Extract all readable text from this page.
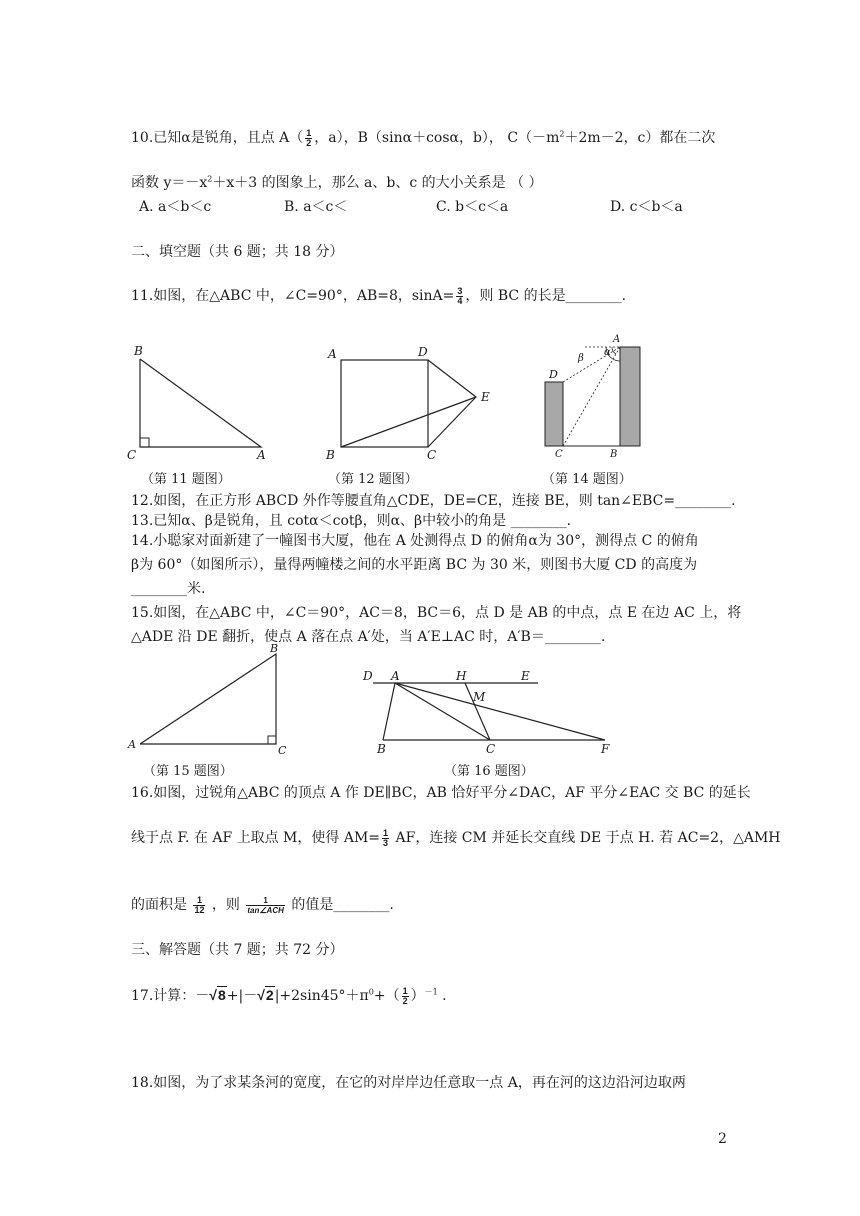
10.已知α是锐角，且点 $A( \frac{1}{2}$ ，a），B（sinα＋cosα，b）， $C(-m^2+2m-2$，c）都在二次
函数 $y=-x^2+x+3$ 的图象上，那么 a、b、c 的大小关系是 （ ）
A. a＜b＜c	B. a＜c＜	C. b＜c＜a	D. c＜b＜a
二、填空题（共 6 题；共 18 分）
11.如图，在△ABC 中，∠C=90°，AB=8，$\sin A= \frac{3}{4}$ ，则 BC 的长是________.
B
C	A
（第 11 题图）
A	D
E
B	C
（第 12 题图）
A
α
β
D
C	B
（第 14 题图）
12.如图，在正方形 ABCD 外作等腰直角△CDE，DE=CE，连接 BE，则 tan∠EBC=________.
13.已知α、β是锐角，且 cotα＜cotβ，则α、β中较小的角是 ________.
14.小聪家对面新建了一幢图书大厦，他在 A 处测得点 D 的俯角α为 30°，测得点 C 的俯角
β为 60°（如图所示），量得两幢楼之间的水平距离 BC 为 30 米，则图书大厦 CD 的高度为
________米.
15.如图，在△ABC 中，∠C＝90°，AC＝8，BC＝6，点 D 是 AB 的中点，点 E 在边 AC 上，将
△ADE 沿 DE 翻折，使点 A 落在点 A′处，当 A′E⊥AC 时，A′B＝________.
B
A	C
（第 15 题图）
D A	H	E
M
B	C	F
（第 16 题图）
16.如图，过锐角△ABC 的顶点 A 作 DE∥BC，AB 恰好平分∠DAC，AF 平分∠EAC 交 BC 的延长
线于点 F. 在 AF 上取点 M，使得 $AM= \frac{1}{3}$ AF，连接 CM 并延长交直线 DE 于点 H. 若 AC=2，△AMH
的面积是 $\frac{1}{12}$ ，则 $\frac{1}{\text{tan∠ACH}}$ 的值是________.
三、解答题（共 7 题；共 72 分）
17.计算：$-√8+|-√2|+2\sin 45^\circ+\pi^0+( \frac{1}{2} )^{-1}$ .
18.如图，为了求某条河的宽度，在它的对岸岸边任意取一点 A，再在河的这边沿河边取两
2
